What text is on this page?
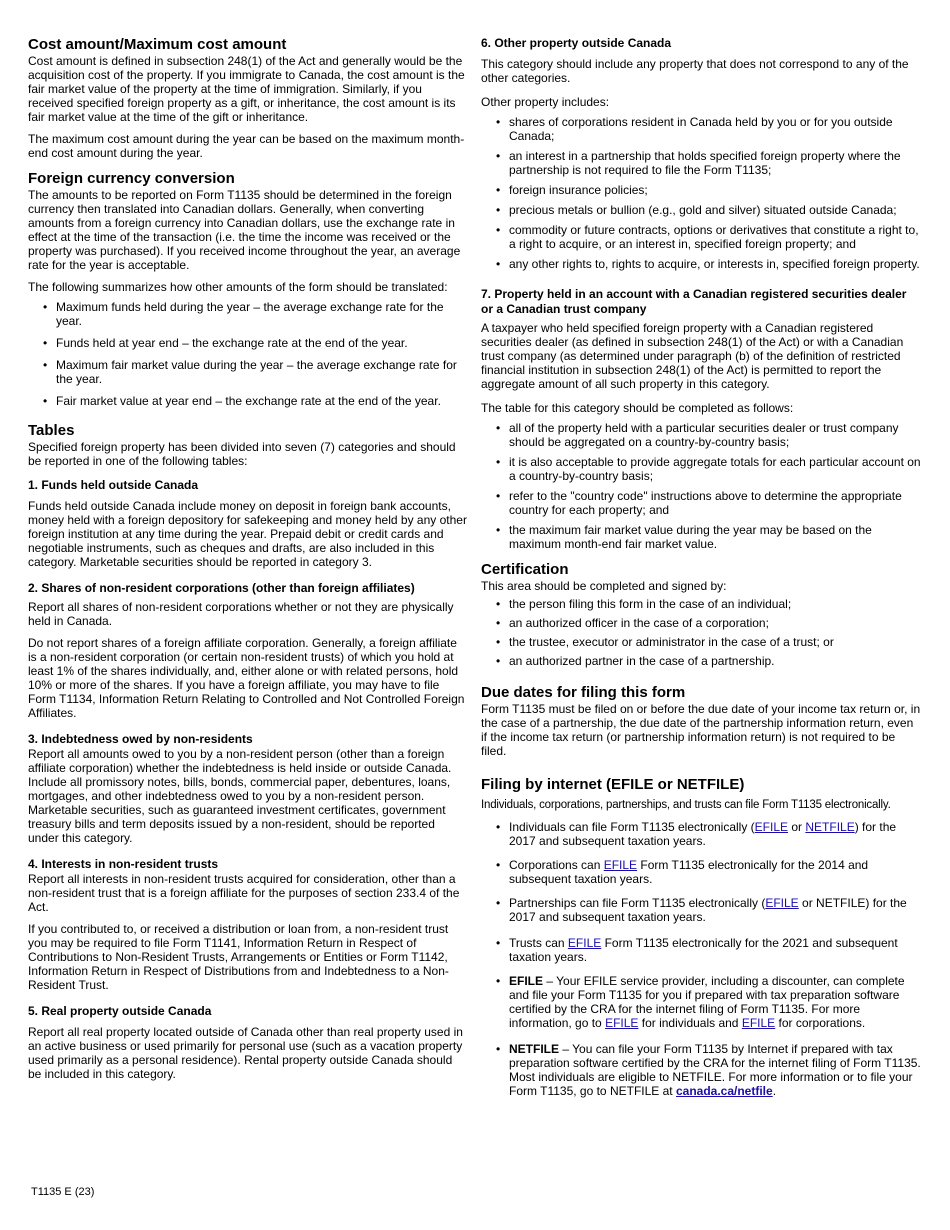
Cost amount/Maximum cost amount

Cost amount is defined in subsection 248(1) of the Act and generally would be the acquisition cost of the property. If you immigrate to Canada, the cost amount is the fair market value of the property at the time of immigration. Similarly, if you received specified foreign property as a gift, or inheritance, the cost amount is its fair market value at the time of the gift or inheritance.

The maximum cost amount during the year can be based on the maximum month-end cost amount during the year.

Foreign currency conversion

The amounts to be reported on Form T1135 should be determined in the foreign currency then translated into Canadian dollars. Generally, when converting amounts from a foreign currency into Canadian dollars, use the exchange rate in effect at the time of the transaction (i.e. the time the income was received or the property was purchased). If you received income throughout the year, an average rate for the year is acceptable.

The following summarizes how other amounts of the form should be translated:

• Maximum funds held during the year – the average exchange rate for the year.
• Funds held at year end – the exchange rate at the end of the year.
• Maximum fair market value during the year – the average exchange rate for the year.
• Fair market value at year end – the exchange rate at the end of the year.
Tables

Specified foreign property has been divided into seven (7) categories and should be reported in one of the following tables:

1. Funds held outside Canada

Funds held outside Canada include money on deposit in foreign bank accounts, money held with a foreign depository for safekeeping and money held by any other foreign institution at any time during the year. Prepaid debit or credit cards and negotiable instruments, such as cheques and drafts, are also included in this category. Marketable securities should be reported in category 3.

2. Shares of non-resident corporations (other than foreign affiliates)

Report all shares of non-resident corporations whether or not they are physically held in Canada.

Do not report shares of a foreign affiliate corporation. Generally, a foreign affiliate is a non-resident corporation (or certain non-resident trusts) of which you hold at least 1% of the shares individually, and, either alone or with related persons, hold 10% or more of the shares. If you have a foreign affiliate, you may have to file Form T1134, Information Return Relating to Controlled and Not Controlled Foreign Affiliates.

3. Indebtedness owed by non-residents

Report all amounts owed to you by a non-resident person (other than a foreign affiliate corporation) whether the indebtedness is held inside or outside Canada. Include all promissory notes, bills, bonds, commercial paper, debentures, loans, mortgages, and other indebtedness owed to you by a non-resident person. Marketable securities, such as guaranteed investment certificates, government treasury bills and term deposits issued by a non-resident, should be reported under this category.

4. Interests in non-resident trusts

Report all interests in non-resident trusts acquired for consideration, other than a non-resident trust that is a foreign affiliate for the purposes of section 233.4 of the Act.

If you contributed to, or received a distribution or loan from, a non-resident trust you may be required to file Form T1141, Information Return in Respect of Contributions to Non-Resident Trusts, Arrangements or Entities or Form T1142, Information Return in Respect of Distributions from and Indebtedness to a Non-Resident Trust.

5. Real property outside Canada

Report all real property located outside of Canada other than real property used in an active business or used primarily for personal use (such as a vacation property used primarily as a personal residence). Rental property outside Canada should be included in this category.

6. Other property outside Canada

This category should include any property that does not correspond to any of the other categories.

Other property includes:

• shares of corporations resident in Canada held by you or for you outside Canada;
• an interest in a partnership that holds specified foreign property where the partnership is not required to file the Form T1135;
• foreign insurance policies;
• precious metals or bullion (e.g., gold and silver) situated outside Canada;
• commodity or future contracts, options or derivatives that constitute a right to, a right to acquire, or an interest in, specified foreign property; and
• any other rights to, rights to acquire, or interests in, specified foreign property.
7. Property held in an account with a Canadian registered securities dealer or a Canadian trust company

A taxpayer who held specified foreign property with a Canadian registered securities dealer (as defined in subsection 248(1) of the Act) or with a Canadian trust company (as determined under paragraph (b) of the definition of restricted financial institution in subsection 248(1) of the Act) is permitted to report the aggregate amount of all such property in this category.

The table for this category should be completed as follows:

• all of the property held with a particular securities dealer or trust company should be aggregated on a country-by-country basis;
• it is also acceptable to provide aggregate totals for each particular account on a country-by-country basis;
• refer to the "country code" instructions above to determine the appropriate country for each property; and
• the maximum fair market value during the year may be based on the maximum month-end fair market value.
Certification

This area should be completed and signed by:

• the person filing this form in the case of an individual;
• an authorized officer in the case of a corporation;
• the trustee, executor or administrator in the case of a trust; or
• an authorized partner in the case of a partnership.
Due dates for filing this form

Form T1135 must be filed on or before the due date of your income tax return or, in the case of a partnership, the due date of the partnership information return, even if the income tax return (or partnership information return) is not required to be filed.

Filing by internet (EFILE or NETFILE)

Individuals, corporations, partnerships, and trusts can file Form T1135 electronically.

• Individuals can file Form T1135 electronically (EFILE or NETFILE) for the 2017 and subsequent taxation years.
• Corporations can EFILE Form T1135 electronically for the 2014 and subsequent taxation years.
• Partnerships can file Form T1135 electronically (EFILE or NETFILE) for the 2017 and subsequent taxation years.
• Trusts can EFILE Form T1135 electronically for the 2021 and subsequent taxation years.
• EFILE – Your EFILE service provider, including a discounter, can complete and file your Form T1135 for you if prepared with tax preparation software certified by the CRA for the internet filing of Form T1135. For more information, go to EFILE for individuals and EFILE for corporations.
• NETFILE – You can file your Form T1135 by Internet if prepared with tax preparation software certified by the CRA for the internet filing of Form T1135. Most individuals are eligible to NETFILE. For more information or to file your Form T1135, go to NETFILE at canada.ca/netfile.
T1135 E (23)
